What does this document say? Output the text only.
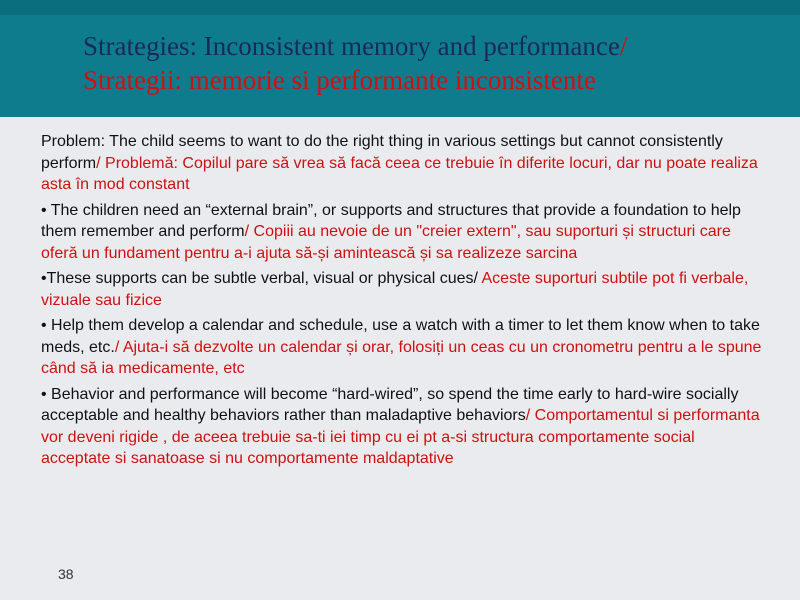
Strategies: Inconsistent memory and performance/
Strategii: memorie si performante inconsistente

Problem: The child seems to want to do the right thing in various settings but cannot consistently perform/ Problemă: Copilul pare să vrea să facă ceea ce trebuie în diferite locuri, dar nu poate realiza asta în mod constant

• The children need an “external brain”, or supports and structures that provide a foundation to help them remember and perform/ Copiii au nevoie de un "creier extern", sau suporturi și structuri care oferă un fundament pentru a-i ajuta să-și amintească și sa realizeze sarcina

•These supports can be subtle verbal, visual or physical cues/ Aceste suporturi subtile pot fi verbale, vizuale sau fizice

• Help them develop a calendar and schedule, use a watch with a timer to let them know when to take meds, etc./ Ajuta-i să dezvolte un calendar și orar, folosiți un ceas cu un cronometru pentru a le spune când să ia medicamente, etc

• Behavior and performance will become “hard-wired”, so spend the time early to hard-wire socially acceptable and healthy behaviors rather than maladaptive behaviors/ Comportamentul si performanta vor deveni rigide , de aceea trebuie sa-ti iei timp cu ei pt a-si structura comportamente social acceptate si sanatoase si nu comportamente maldaptative

38
